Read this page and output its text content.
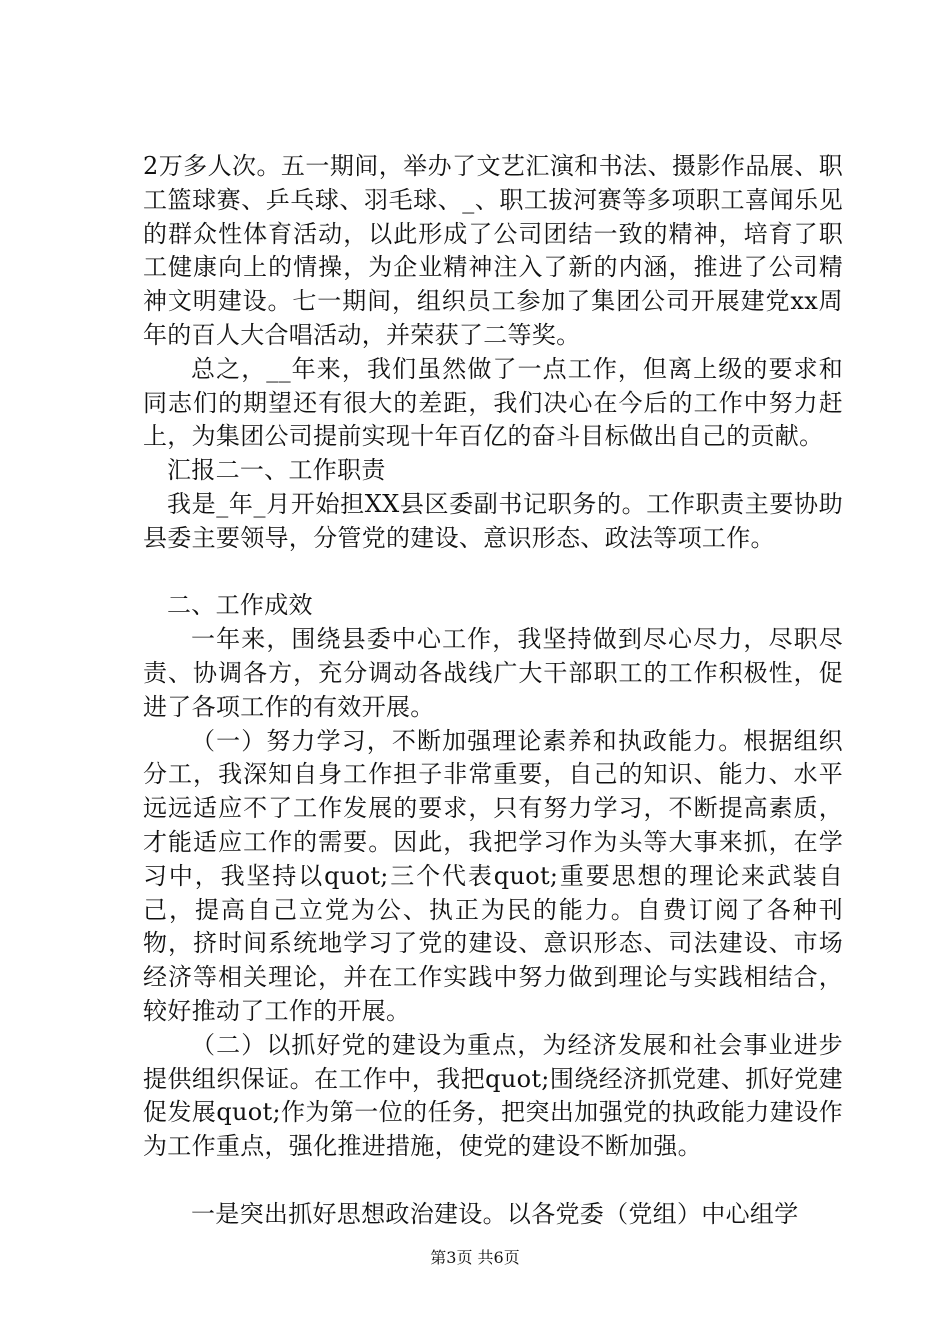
2万多人次。五一期间，举办了文艺汇演和书法、摄影作品展、职工篮球赛、乒乓球、羽毛球、_、职工拔河赛等多项职工喜闻乐见的群众性体育活动，以此形成了公司团结一致的精神，培育了职工健康向上的情操，为企业精神注入了新的内涵，推进了公司精神文明建设。七一期间，组织员工参加了集团公司开展建党xx周年的百人大合唱活动，并荣获了二等奖。

总之，__年来，我们虽然做了一点工作，但离上级的要求和同志们的期望还有很大的差距，我们决心在今后的工作中努力赶上，为集团公司提前实现十年百亿的奋斗目标做出自己的贡献。

汇报二一、工作职责

我是_年_月开始担XX县区委副书记职务的。工作职责主要协助县委主要领导，分管党的建设、意识形态、政法等项工作。

二、工作成效

一年来，围绕县委中心工作，我坚持做到尽心尽力，尽职尽责、协调各方，充分调动各战线广大干部职工的工作积极性，促进了各项工作的有效开展。

（一）努力学习，不断加强理论素养和执政能力。根据组织分工，我深知自身工作担子非常重要，自己的知识、能力、水平远远适应不了工作发展的要求，只有努力学习，不断提高素质，才能适应工作的需要。因此，我把学习作为头等大事来抓，在学习中，我坚持以quot;三个代表quot;重要思想的理论来武装自己，提高自己立党为公、执正为民的能力。自费订阅了各种刊物，挤时间系统地学习了党的建设、意识形态、司法建设、市场经济等相关理论，并在工作实践中努力做到理论与实践相结合，较好推动了工作的开展。

（二）以抓好党的建设为重点，为经济发展和社会事业进步提供组织保证。在工作中，我把quot;围绕经济抓党建、抓好党建促发展quot;作为第一位的任务，把突出加强党的执政能力建设作为工作重点，强化推进措施，使党的建设不断加强。

一是突出抓好思想政治建设。以各党委（党组）中心组学

第3页 共6页
